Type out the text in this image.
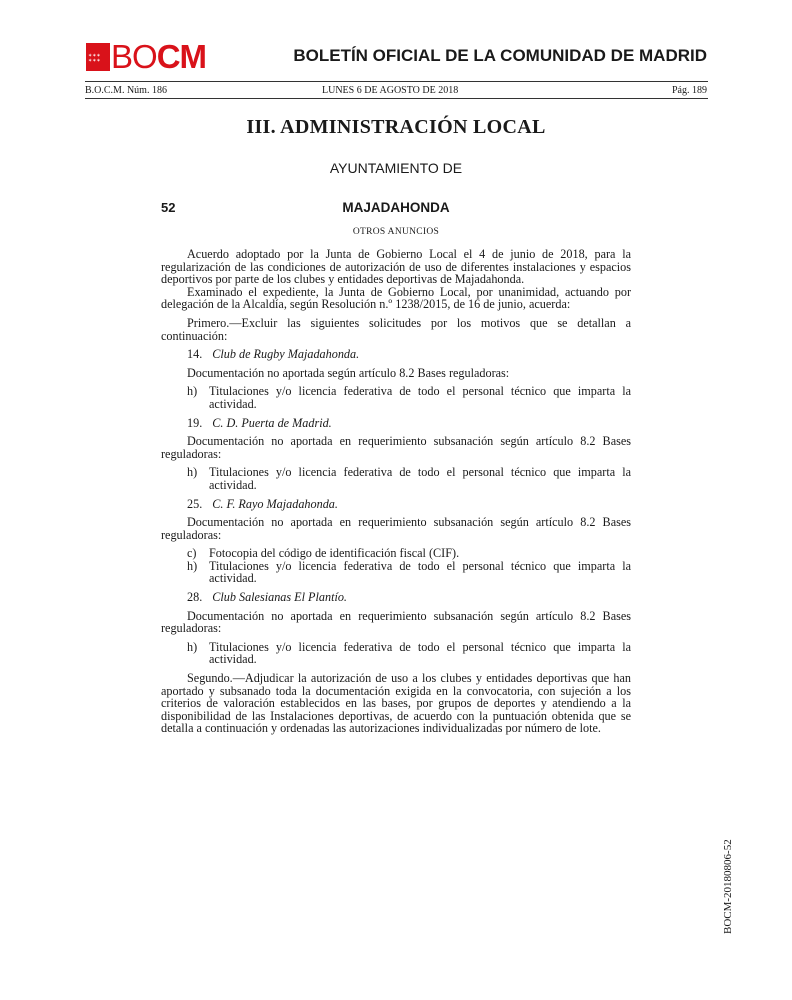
✶✶✶
✶✶✶ BO CM	BOLETÍN OFICIAL DE LA COMUNIDAD DE MADRID
B.O.C.M. Núm. 186	LUNES 6 DE AGOSTO DE 2018	Pág. 189
III. ADMINISTRACIÓN LOCAL
AYUNTAMIENTO DE
52	MAJADAHONDA
OTROS ANUNCIOS

Acuerdo adoptado por la Junta de Gobierno Local el 4 de junio de 2018, para la regularización de las condiciones de autorización de uso de diferentes instalaciones y espacios deportivos por parte de los clubes y entidades deportivas de Majadahonda.

Examinado el expediente, la Junta de Gobierno Local, por unanimidad, actuando por delegación de la Alcaldía, según Resolución n.º 1238/2015, de 16 de junio, acuerda:

Primero.—Excluir las siguientes solicitudes por los motivos que se detallan a continuación:

14. Club de Rugby Majadahonda.

Documentación no aportada según artículo 8.2 Bases reguladoras:

h) Titulaciones y/o licencia federativa de todo el personal técnico que imparta la actividad.

19. C. D. Puerta de Madrid.

Documentación no aportada en requerimiento subsanación según artículo 8.2 Bases reguladoras:

h) Titulaciones y/o licencia federativa de todo el personal técnico que imparta la actividad.

25. C. F. Rayo Majadahonda.

Documentación no aportada en requerimiento subsanación según artículo 8.2 Bases reguladoras:

c)	Fotocopia del código de identificación fiscal (CIF).
h) Titulaciones y/o licencia federativa de todo el personal técnico que imparta la actividad.

28. Club Salesianas El Plantío.

Documentación no aportada en requerimiento subsanación según artículo 8.2 Bases reguladoras:

h) Titulaciones y/o licencia federativa de todo el personal técnico que imparta la actividad.

Segundo.—Adjudicar la autorización de uso a los clubes y entidades deportivas que han aportado y subsanado toda la documentación exigida en la convocatoria, con sujeción a los criterios de valoración establecidos en las bases, por grupos de deportes y atendiendo a la disponibilidad de las Instalaciones deportivas, de acuerdo con la puntuación obtenida que se detalla a continuación y ordenadas las autorizaciones individualizadas por número de lote.

BOCM-20180806-52
